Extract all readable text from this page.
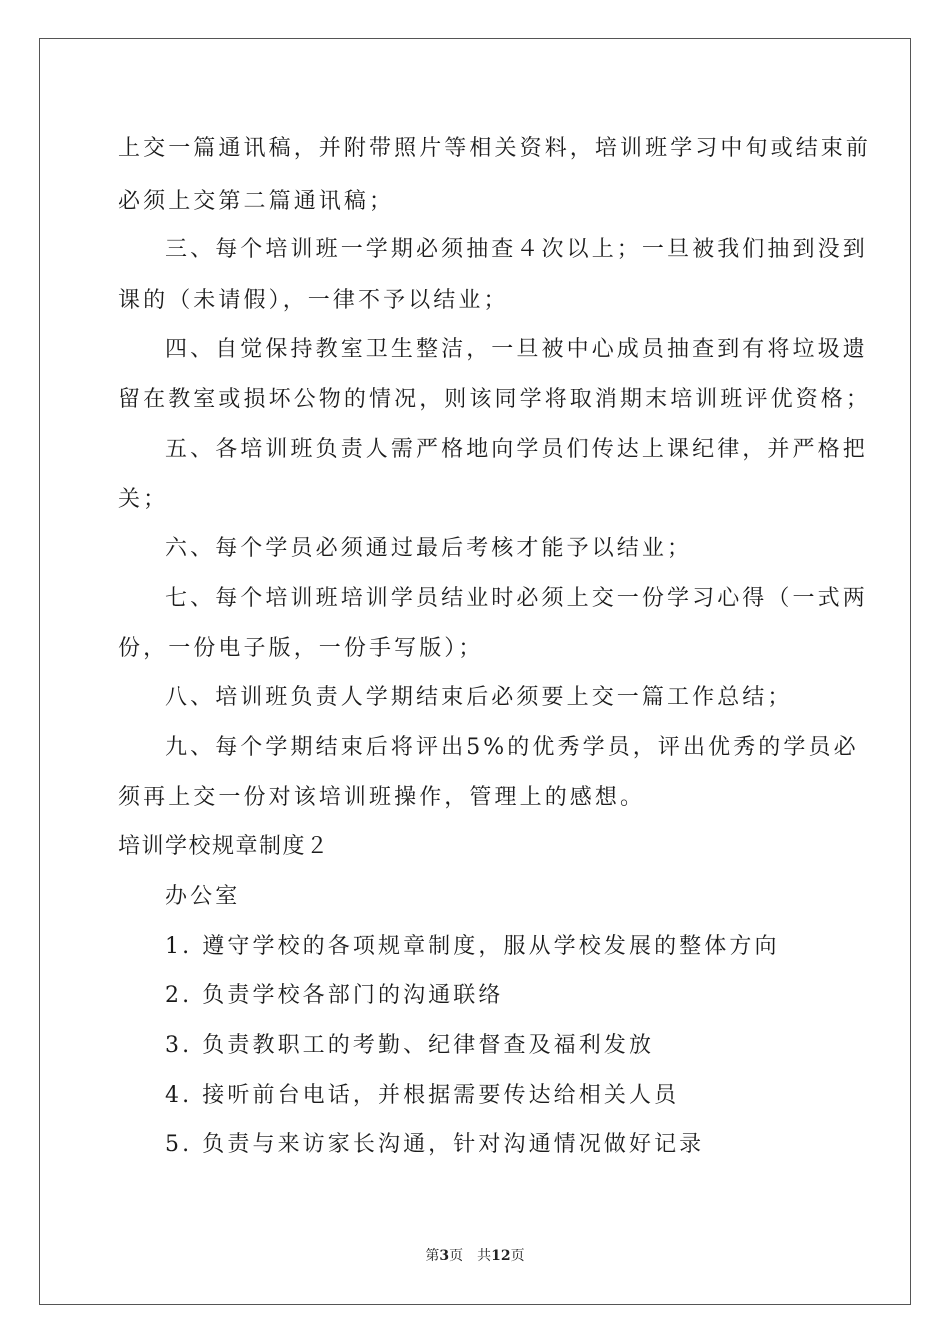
上交一篇通讯稿，并附带照片等相关资料，培训班学习中旬或结束前
必须上交第二篇通讯稿；
三、每个培训班一学期必须抽查４次以上；一旦被我们抽到没到
课的（未请假），一律不予以结业；
四、自觉保持教室卫生整洁，一旦被中心成员抽查到有将垃圾遗
留在教室或损坏公物的情况，则该同学将取消期末培训班评优资格；
五、各培训班负责人需严格地向学员们传达上课纪律，并严格把
关；
六、每个学员必须通过最后考核才能予以结业；
七、每个培训班培训学员结业时必须上交一份学习心得（一式两
份，一份电子版，一份手写版）；
八、培训班负责人学期结束后必须要上交一篇工作总结；
九、每个学期结束后将评出5%的优秀学员，评出优秀的学员必
须再上交一份对该培训班操作，管理上的感想。
培训学校规章制度２
办公室
1. 遵守学校的各项规章制度，服从学校发展的整体方向
2. 负责学校各部门的沟通联络
3. 负责教职工的考勤、纪律督查及福利发放
4. 接听前台电话，并根据需要传达给相关人员
5. 负责与来访家长沟通，针对沟通情况做好记录
第3页　共12页
